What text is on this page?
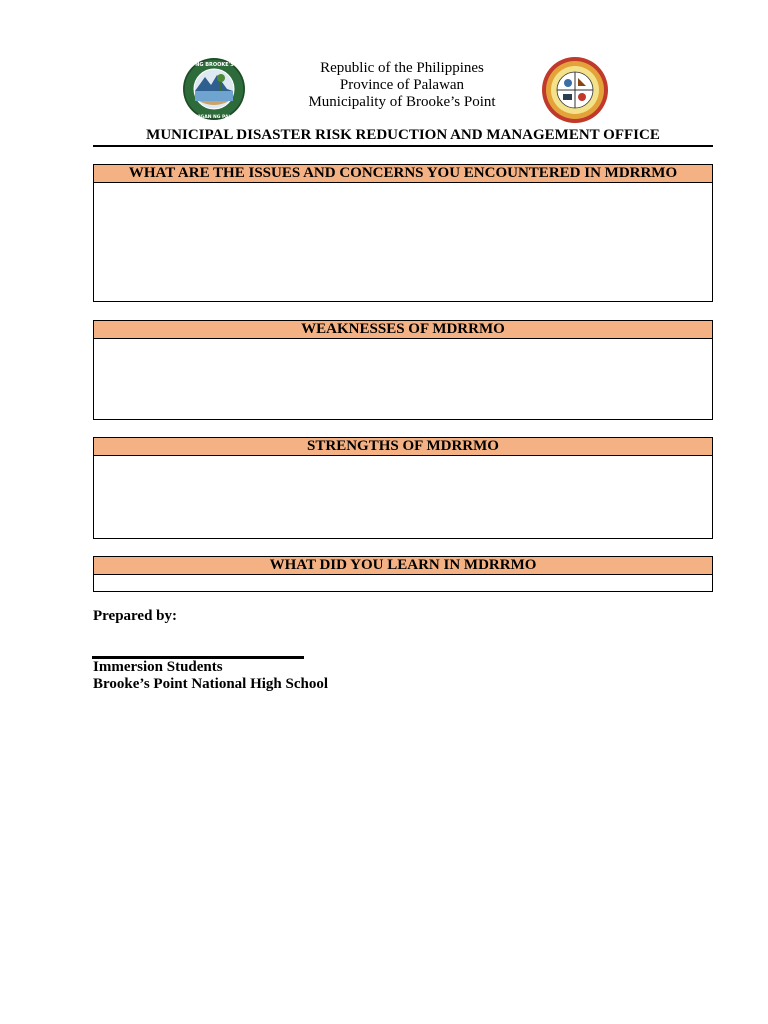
BAYAN NG BROOKE'S POINT
LALAWIGAN NG PALAWAN
Republic of the Philippines
Province of Palawan
Municipality of Brooke’s Point
MUNICIPAL DISASTER RISK REDUCTION AND MANAGEMENT OFFICE
WHAT ARE THE ISSUES AND CONCERNS YOU ENCOUNTERED IN MDRRMO
WEAKNESSES OF MDRRMO
STRENGTHS OF MDRRMO
WHAT DID YOU LEARN IN MDRRMO
Prepared by:
Immersion Students
Brooke’s Point National High School
